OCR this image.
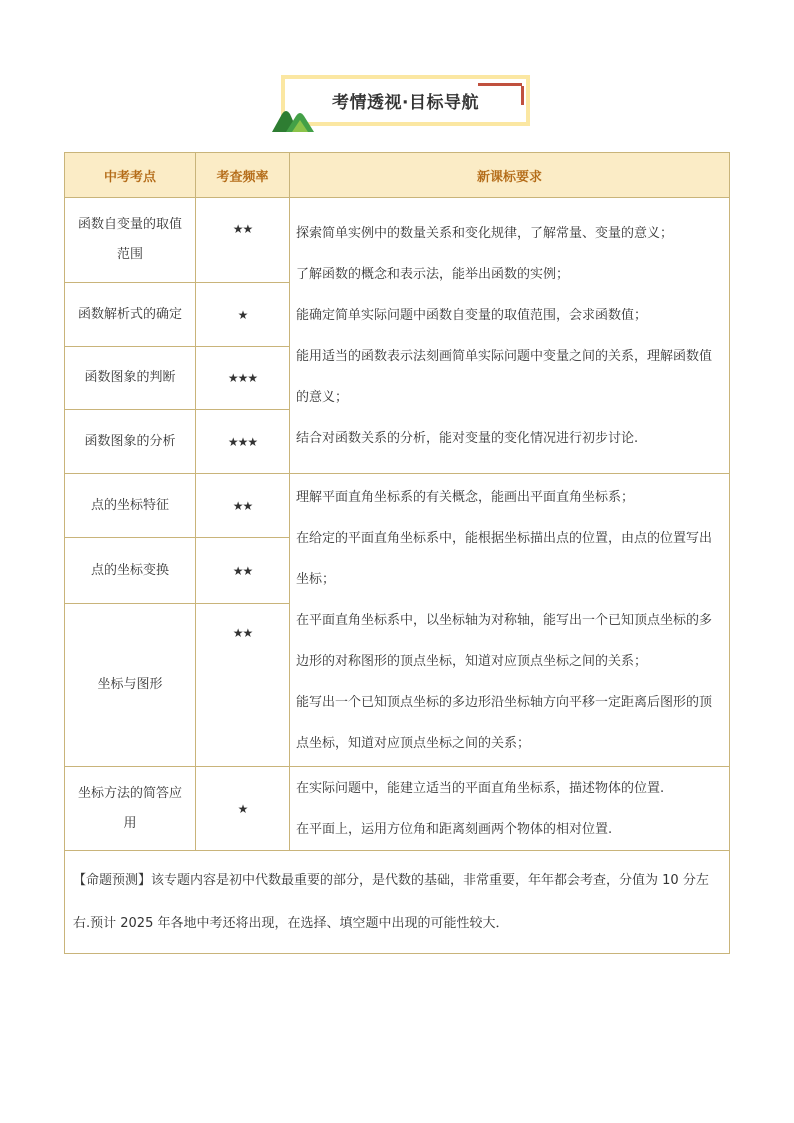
考情透视·目标导航
中考考点	考查频率	新课标要求
函数自变量的取值范围	★★	探索简单实例中的数量关系和变化规律，了解常量、变量的意义；

了解函数的概念和表示法，能举出函数的实例；

能确定简单实际问题中函数自变量的取值范围，会求函数值；

能用适当的函数表示法刻画简单实际问题中变量之间的关系，理解函数值的意义；

结合对函数关系的分析，能对变量的变化情况进行初步讨论.

函数解析式的确定	★	

函数图象的判断	★★★	

函数图象的分析	★★★	

点的坐标特征	★★	理解平面直角坐标系的有关概念，能画出平面直角坐标系；

在给定的平面直角坐标系中，能根据坐标描出点的位置，由点的位置写出坐标；

在平面直角坐标系中，以坐标轴为对称轴，能写出一个已知顶点坐标的多边形的对称图形的顶点坐标，知道对应顶点坐标之间的关系；

能写出一个已知顶点坐标的多边形沿坐标轴方向平移一定距离后图形的顶点坐标，知道对应顶点坐标之间的关系；

点的坐标变换	★★	

坐标与图形	★★	

坐标方法的简答应用	★	在实际问题中，能建立适当的平面直角坐标系，描述物体的位置.

在平面上，运用方位角和距离刻画两个物体的相对位置.

【命题预测】该专题内容是初中代数最重要的部分，是代数的基础，非常重要，年年都会考查，分值为 10 分左右.预计 2025 年各地中考还将出现，在选择、填空题中出现的可能性较大．		
